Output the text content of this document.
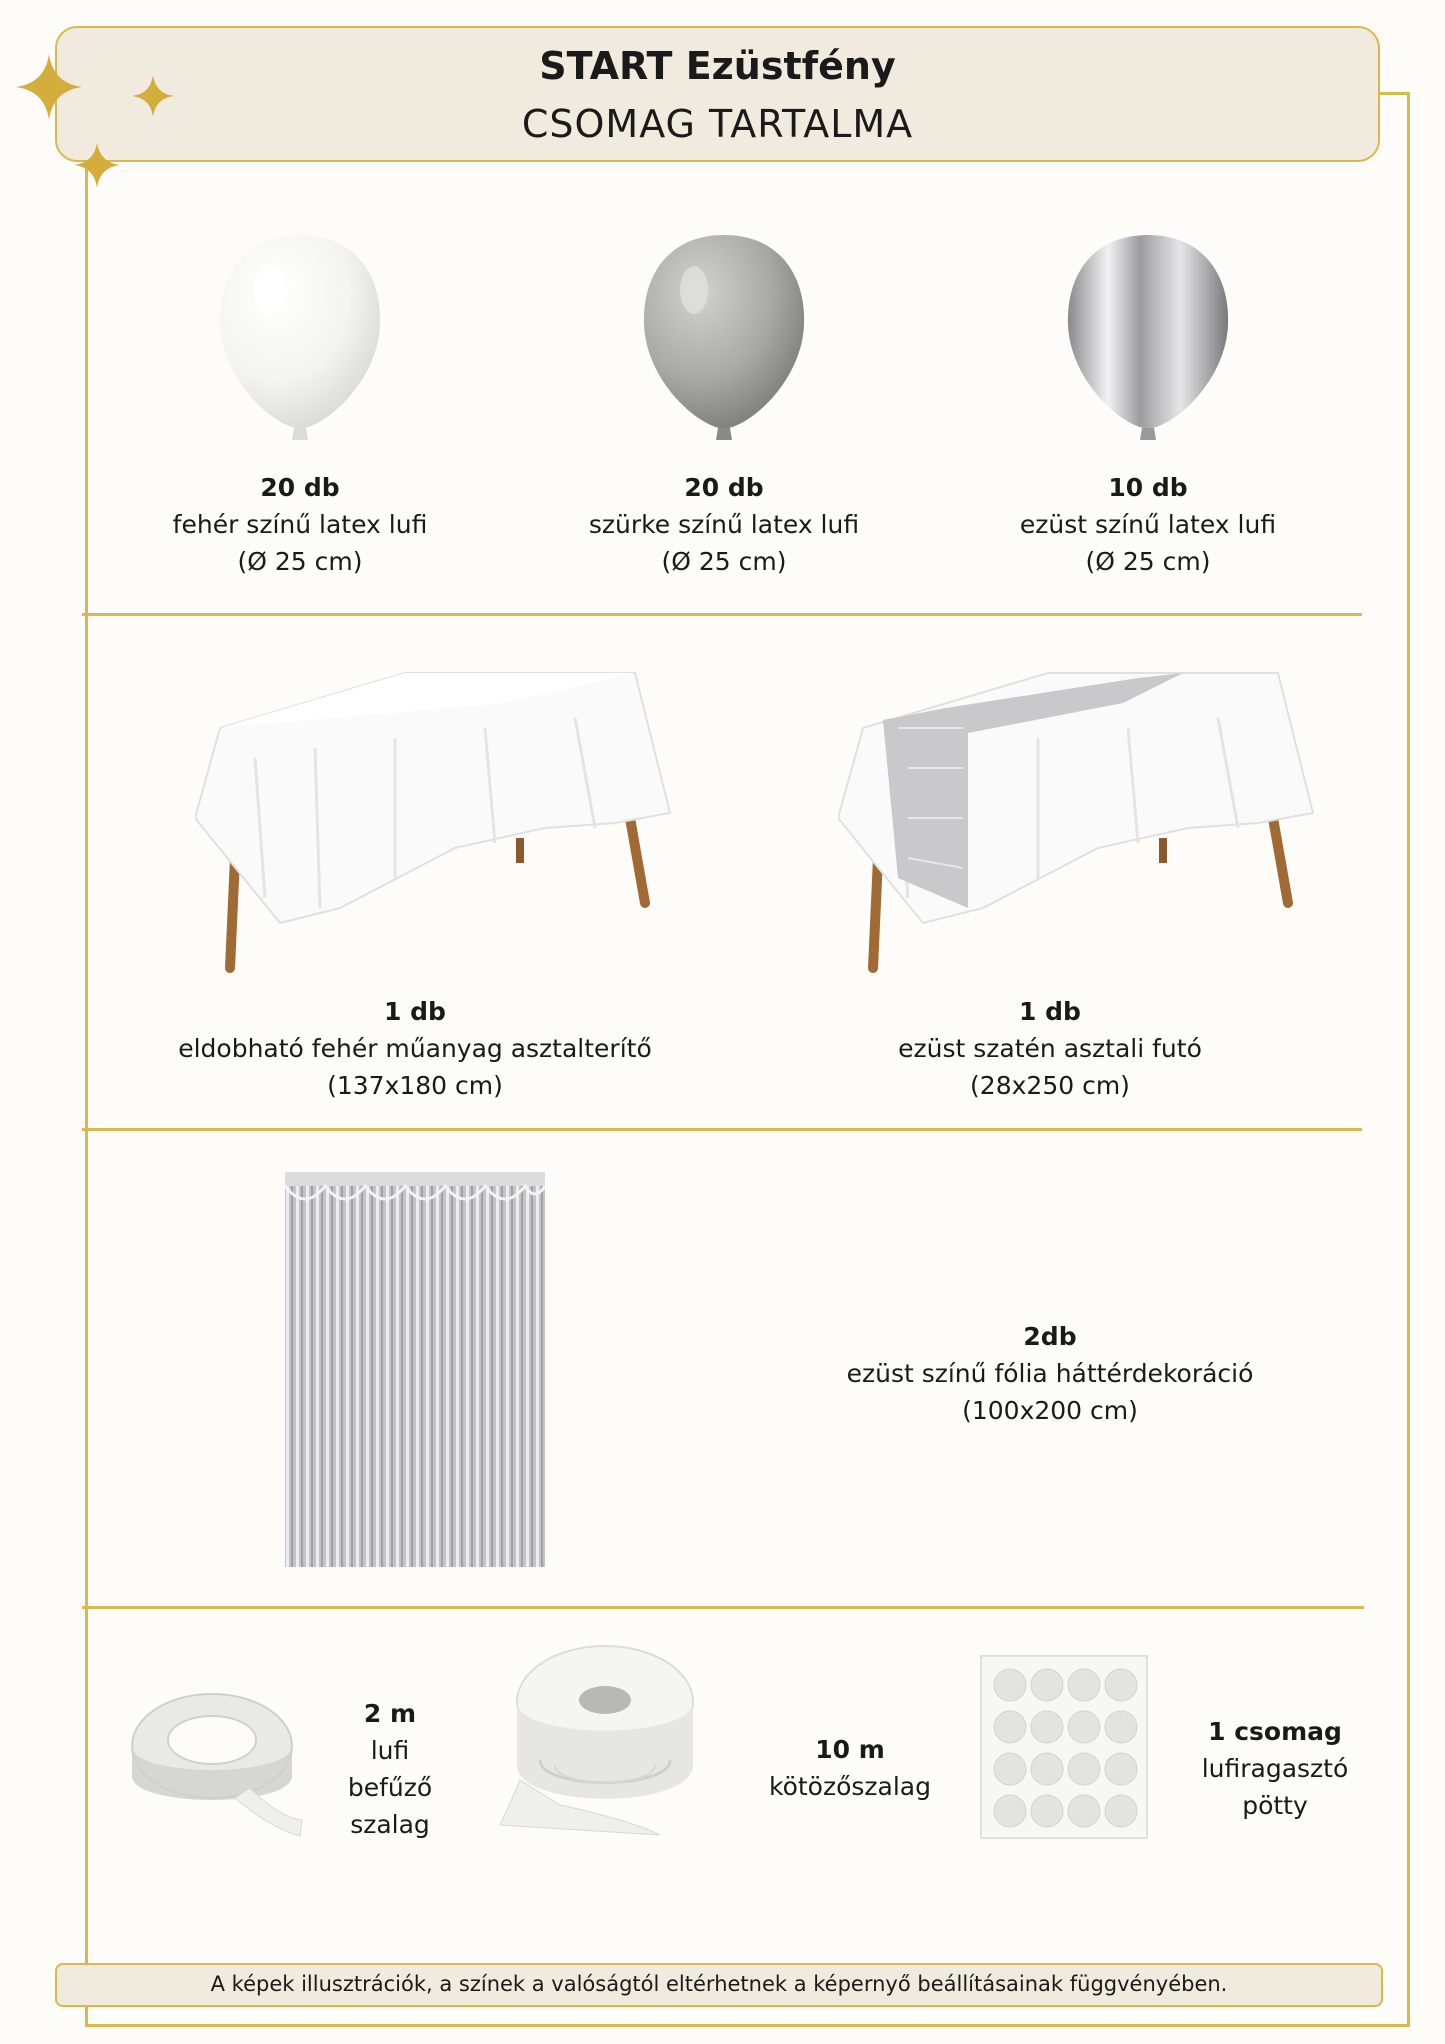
START Ezüstfény
CSOMAG TARTALMA
20 db
fehér színű latex lufi
(Ø 25 cm)
20 db
szürke színű latex lufi
(Ø 25 cm)
10 db
ezüst színű latex lufi
(Ø 25 cm)
1 db
eldobható fehér műanyag asztalterítő
(137x180 cm)
1 db
ezüst szatén asztali futó
(28x250 cm)
2db
ezüst színű fólia háttérdekoráció
(100x200 cm)
2 m
lufi
befűző
szalag
10 m
kötözőszalag
1 csomag
lufiragasztó
pötty
A képek illusztrációk, a színek a valóságtól eltérhetnek a képernyő beállításainak függvényében.
